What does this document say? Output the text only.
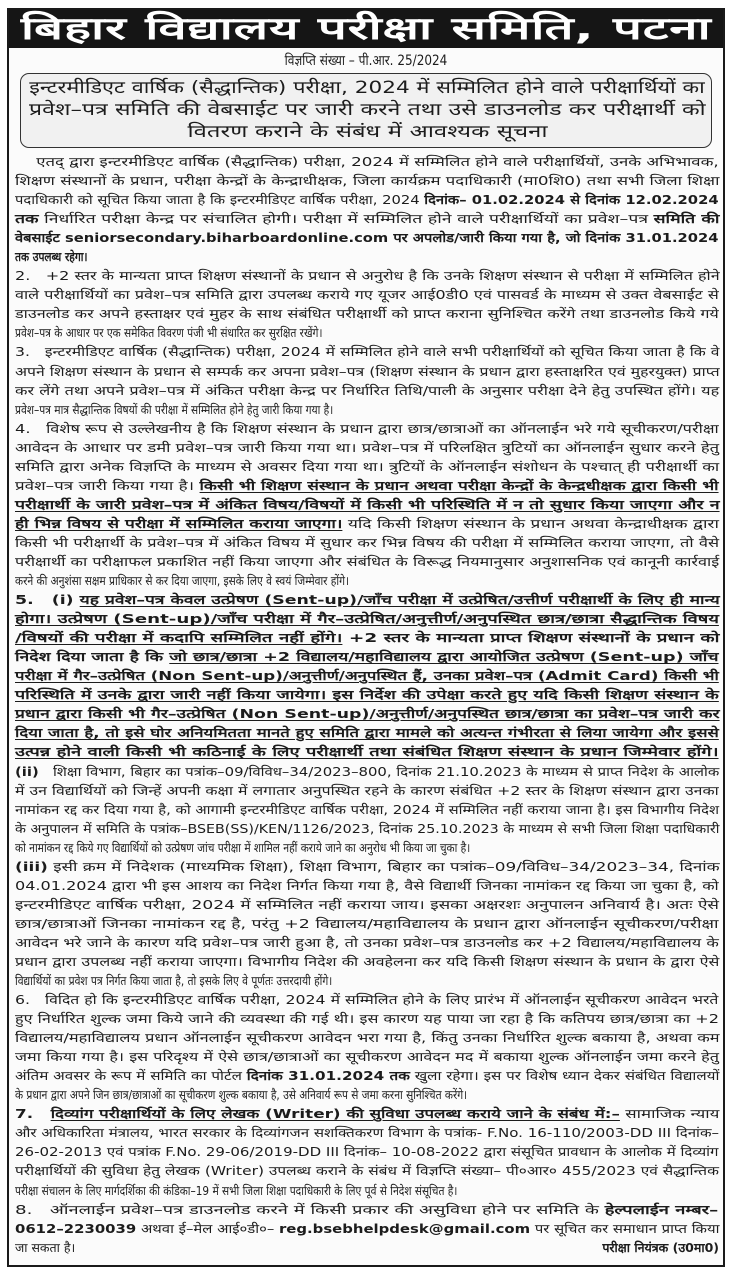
बिहार विद्यालय परीक्षा समिति, पटना
विज्ञप्ति संख्या – पी.आर. 25/2024
इन्टरमीडिएट वार्षिक (सैद्धान्तिक) परीक्षा, 2024 में सम्मिलित होने वाले परीक्षार्थियों का
प्रवेश–पत्र समिति की वेबसाईट पर जारी करने तथा उसे डाउनलोड कर परीक्षार्थी को
वितरण कराने के संबंध में आवश्यक सूचना
एतद् द्वारा इन्टरमीडिएट वार्षिक (सैद्धान्तिक) परीक्षा, 2024 में सम्मिलित होने वाले परीक्षार्थियों, उनके अभिभावक,
शिक्षण संस्थानों के प्रधान, परीक्षा केन्द्रों के केन्द्राधीक्षक, जिला कार्यक्रम पदाधिकारी (मा0शि0) तथा सभी जिला शिक्षा
पदाधिकारी को सूचित किया जाता है कि इन्टरमीडिएट वार्षिक परीक्षा, 2024 दिनांक– 01.02.2024 से दिनांक 12.02.2024
तक निर्धारित परीक्षा केन्द्र पर संचालित होगी। परीक्षा में सम्मिलित होने वाले परीक्षार्थियों का प्रवेश–पत्र समिति की
वेबसाईट seniorsecondary.biharboardonline.com पर अपलोड/जारी किया गया है, जो दिनांक 31.01.2024
तक उपलब्ध रहेगा।
2.   +2 स्तर के मान्यता प्राप्त शिक्षण संस्थानों के प्रधान से अनुरोध है कि उनके शिक्षण संस्थान से परीक्षा में सम्मिलित होने
वाले परीक्षार्थियों का प्रवेश–पत्र समिति द्वारा उपलब्ध कराये गए यूजर आई0डी0 एवं पासवर्ड के माध्यम से उक्त वेबसाईट से
डाउनलोड कर अपने हस्ताक्षर एवं मुहर के साथ संबंधित परीक्षार्थी को प्राप्त कराना सुनिश्चित करेंगे तथा डाउनलोड किये गये
प्रवेश–पत्र के आधार पर एक समेकित विवरण पंजी भी संधारित कर सुरक्षित रखेंगे।
3.   इन्टरमीडिएट वार्षिक (सैद्धान्तिक) परीक्षा, 2024 में सम्मिलित होने वाले सभी परीक्षार्थियों को सूचित किया जाता है कि वे
अपने शिक्षण संस्थान के प्रधान से सम्पर्क कर अपना प्रवेश–पत्र (शिक्षण संस्थान के प्रधान द्वारा हस्ताक्षरित एवं मुहरयुक्त) प्राप्त
कर लेंगे तथा अपने प्रवेश–पत्र में अंकित परीक्षा केन्द्र पर निर्धारित तिथि/पाली के अनुसार परीक्षा देने हेतु उपस्थित होंगे। यह
प्रवेश–पत्र मात्र सैद्धान्तिक विषयों की परीक्षा में सम्मिलित होने हेतु जारी किया गया है।
4.   विशेष रूप से उल्लेखनीय है कि शिक्षण संस्थान के प्रधान द्वारा छात्र/छात्राओं का ऑनलाईन भरे गये सूचीकरण/परीक्षा
आवेदन के आधार पर डमी प्रवेश–पत्र जारी किया गया था। प्रवेश–पत्र में परिलक्षित त्रुटियों का ऑनलाईन सुधार करने हेतु
समिति द्वारा अनेक विज्ञप्ति के माध्यम से अवसर दिया गया था। त्रुटियों के ऑनलाईन संशोधन के पश्चात् ही परीक्षार्थी का
प्रवेश–पत्र जारी किया गया है। किसी भी शिक्षण संस्थान के प्रधान अथवा परीक्षा केन्द्रों के केन्द्रधीक्षक द्वारा किसी भी
परीक्षार्थी के जारी प्रवेश–पत्र में अंकित विषय/विषयों में किसी भी परिस्थिति में न तो सुधार किया जाएगा और न
ही भिन्न विषय से परीक्षा में सम्मिलित कराया जाएगा। यदि किसी शिक्षण संस्थान के प्रधान अथवा केन्द्राधीक्षक द्वारा
किसी भी परीक्षार्थी के प्रवेश–पत्र में अंकित विषय में सुधार कर भिन्न विषय की परीक्षा में सम्मिलित कराया जाएगा, तो वैसे
परीक्षार्थी का परीक्षाफल प्रकाशित नहीं किया जाएगा और संबंधित के विरूद्ध नियमानुसार अनुशासनिक एवं कानूनी कार्रवाई
करने की अनुशंसा सक्षम प्राधिकार से कर दिया जाएगा, इसके लिए वे स्वयं जिम्मेवार होंगे।
5.   (i) यह प्रवेश–पत्र केवल उत्प्रेषण (Sent-up)/जाँच परीक्षा में उत्प्रेषित/उत्तीर्ण परीक्षार्थी के लिए ही मान्य
होगा। उत्प्रेषण (Sent-up)/जाँच परीक्षा में गैर–उत्प्रेषित/अनुत्तीर्ण/अनुपस्थित छात्र/छात्रा सैद्धान्तिक विषय
/विषयों की परीक्षा में कदापि सम्मिलित नहीं होंगे। +2 स्तर के मान्यता प्राप्त शिक्षण संस्थानों के प्रधान को
निदेश दिया जाता है कि जो छात्र/छात्रा +2 विद्यालय/महाविद्यालय द्वारा आयोजित उत्प्रेषण (Sent-up) जाँच
परीक्षा में गैर–उत्प्रेषित (Non Sent-up)/अनुत्तीर्ण/अनुपस्थित हैं, उनका प्रवेश–पत्र (Admit Card) किसी भी
परिस्थिति में उनके द्वारा जारी नहीं किया जायेगा। इस निर्देश की उपेक्षा करते हुए यदि किसी शिक्षण संस्थान के
प्रधान द्वारा किसी भी गैर–उत्प्रेषित (Non Sent-up)/अनुत्तीर्ण/अनुपस्थित छात्र/छात्रा का प्रवेश–पत्र जारी कर
दिया जाता है, तो इसे घोर अनियमितता मानते हुए समिति द्वारा मामले को अत्यन्त गंभीरता से लिया जायेगा और इससे
उत्पन्न होने वाली किसी भी कठिनाई के लिए परीक्षार्थी तथा संबंधित शिक्षण संस्थान के प्रधान जिम्मेवार होंगे।
(ii)   शिक्षा विभाग, बिहार का पत्रांक–09/विविध–34/2023–800, दिनांक 21.10.2023 के माध्यम से प्राप्त निदेश के आलोक
में उन विद्यार्थियों को जिन्हें अपनी कक्षा में लगातार अनुपस्थित रहने के कारण संबंधित +2 स्तर के शिक्षण संस्थान द्वारा उनका
नामांकन रद्द कर दिया गया है, को आगामी इन्टरमीडिएट वार्षिक परीक्षा, 2024 में सम्मिलित नहीं कराया जाना है। इस विभागीय निदेश
के अनुपालन में समिति के पत्रांक–BSEB(SS)/KEN/1126/2023, दिनांक 25.10.2023 के माध्यम से सभी जिला शिक्षा पदाधिकारी
को नामांकन रद्द किये गए विद्यार्थियों को उत्प्रेषण जांच परीक्षा में शामिल नहीं कराये जाने का अनुरोध भी किया जा चुका है।
(iii) इसी क्रम में निदेशक (माध्यमिक शिक्षा), शिक्षा विभाग, बिहार का पत्रांक–09/विविध–34/2023–34, दिनांक
04.01.2024 द्वारा भी इस आशय का निदेश निर्गत किया गया है, वैसे विद्यार्थी जिनका नामांकन रद्द किया जा चुका है, को
इन्टरमीडिएट वार्षिक परीक्षा, 2024 में सम्मिलित नहीं कराया जाय। इसका अक्षरशः अनुपालन अनिवार्य है। अतः ऐसे
छात्र/छात्राओं जिनका नामांकन रद्द है, परंतु +2 विद्यालय/महाविद्यालय के प्रधान द्वारा ऑनलाईन सूचीकरण/परीक्षा
आवेदन भरे जाने के कारण यदि प्रवेश–पत्र जारी हुआ है, तो उनका प्रवेश–पत्र डाउनलोड कर +2 विद्यालय/महाविद्यालय के
प्रधान द्वारा उपलब्ध नहीं कराया जाएगा। विभागीय निदेश की अवहेलना कर यदि किसी शिक्षण संस्थान के प्रधान के द्वारा ऐसे
विद्यार्थियों का प्रवेश पत्र निर्गत किया जाता है, तो इसके लिए वे पूर्णतः उत्तरदायी होंगे।
6.   विदित हो कि इन्टरमीडिएट वार्षिक परीक्षा, 2024 में सम्मिलित होने के लिए प्रारंभ में ऑनलाईन सूचीकरण आवेदन भरते
हुए निर्धारित शुल्क जमा किये जाने की व्यवस्था की गई थी। इस कारण यह पाया जा रहा है कि कतिपय छात्र/छात्रा का +2
विद्यालय/महाविद्यालय प्रधान ऑनलाईन सूचीकरण आवेदन भरा गया है, किंतु उनका निर्धारित शुल्क बकाया है, अथवा कम
जमा किया गया है। इस परिदृश्य में ऐसे छात्र/छात्राओं का सूचीकरण आवेदन मद में बकाया शुल्क ऑनलाईन जमा करने हेतु
अंतिम अवसर के रूप में समिति का पोर्टल दिनांक 31.01.2024 तक खुला रहेगा। इस पर विशेष ध्यान देकर संबंधित विद्यालयों
के प्रधान द्वारा अपने जिन छात्र/छात्राओं का सूचीकरण शुल्क बकाया है, उसे अनिवार्य रूप से जमा करना सुनिश्चित करेंगे।
7.   दिव्यांग परीक्षार्थियों के लिए लेखक (Writer) की सुविधा उपलब्ध कराये जाने के संबंध में:– सामाजिक न्याय
और अधिकारिता मंत्रालय, भारत सरकार के दिव्यांगजन सशक्तिकरण विभाग के पत्रांक- F.No. 16-110/2003-DD III दिनांक–
26-02-2013 एवं पत्रांक F.No. 29-06/2019-DD III दिनांक– 10-08-2022 द्वारा संसूचित प्रावधान के आलोक में दिव्यांग
परीक्षार्थियों की सुविधा हेतु लेखक (Writer) उपलब्ध कराने के संबंध में विज्ञप्ति संख्या– पी०आर० 455/2023 एवं सैद्धान्तिक
परीक्षा संचालन के लिए मार्गदर्शिका की कंडिका–19 में सभी जिला शिक्षा पदाधिकारी के लिए पूर्व से निदेश संसूचित है।
8.   ऑनलाईन प्रवेश–पत्र डाउनलोड करने में किसी प्रकार की असुविधा होने पर समिति के हेल्पलाईन नम्बर–
0612–2230039 अथवा ई–मेल आई०डी०– reg.bsebhelpdesk@gmail.com पर सूचित कर समाधान प्राप्त किया
जा सकता है।	परीक्षा नियंत्रक (उ0मा0)
